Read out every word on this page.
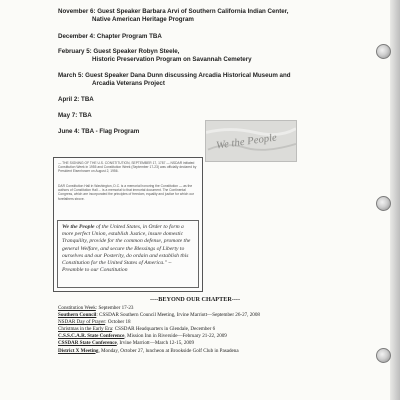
November 6: Guest Speaker Barbara Arvi of Southern California Indian Center,
Native American Heritage Program
December 4: Chapter Program TBA
February 5: Guest Speaker Robyn Steele,
Historic Preservation Program on Savannah Cemetery
March 5: Guest Speaker Dana Dunn discussing Arcadia Historical Museum and
Arcadia Veterans Project
April 2: TBA
May 7: TBA
June 4: TBA - Flag Program
We the People
— THE SIGNING OF THE U.S. CONSTITUTION, SEPTEMBER 17, 1787 — NSDAR initiated Constitution Week in 1955 and Constitution Week (September 17-23) was officially declared by President Eisenhower on August 2, 1956.
DAR Constitution Hall in Washington, D.C. is a memorial honoring the Constitution — as the authors of Constitution Hall ... is a memorial to that immortal document. The Continental Congress, which are incorporated the principles of freedom, equality and justice for which our forefathers strove.
We the People of the United States, in Order to form a more perfect Union, establish Justice, insure domestic Tranquility, provide for the common defense, promote the general Welfare, and secure the Blessings of Liberty to ourselves and our Posterity, do ordain and establish this Constitution for the United States of America." ~ Preamble to our Constitution
----BEYOND OUR CHAPTER----
Constitution Week: September 17-23
Southern Council: CSSDAR Southern Council Meeting, Irvine Marriott—September 26-27, 2008
NSDAR Day of Prayer: October 18
Christmas in the Early Era: CSSDAR Headquarters in Glendale, December 6
C.S.S.C.A.R. State Conference, Mission Inn in Riverside—February 21-22, 2009
CSSDAR State Conference, Irvine Marriott—March 12-15, 2009
District X Meeting, Monday, October 27, luncheon at Brookside Golf Club in Pasadena
